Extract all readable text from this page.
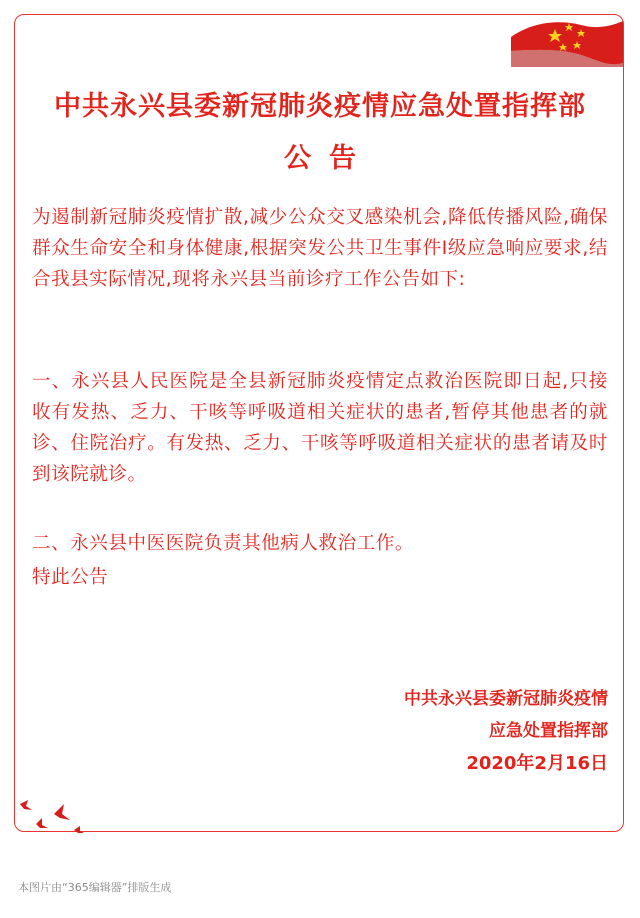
中共永兴县委新冠肺炎疫情应急处置指挥部
公告
为遏制新冠肺炎疫情扩散,减少公众交叉感染机会,降低传播风险,确保群众生命安全和身体健康,根据突发公共卫生事件Ⅰ级应急响应要求,结合我县实际情况,现将永兴县当前诊疗工作公告如下:
一、永兴县人民医院是全县新冠肺炎疫情定点救治医院即日起,只接收有发热、乏力、干咳等呼吸道相关症状的患者,暂停其他患者的就诊、住院治疗。有发热、乏力、干咳等呼吸道相关症状的患者请及时到该院就诊。
二、永兴县中医医院负责其他病人救治工作。
特此公告
中共永兴县委新冠肺炎疫情
应急处置指挥部
2020年2月16日
本图片由“365编辑器”排版生成
